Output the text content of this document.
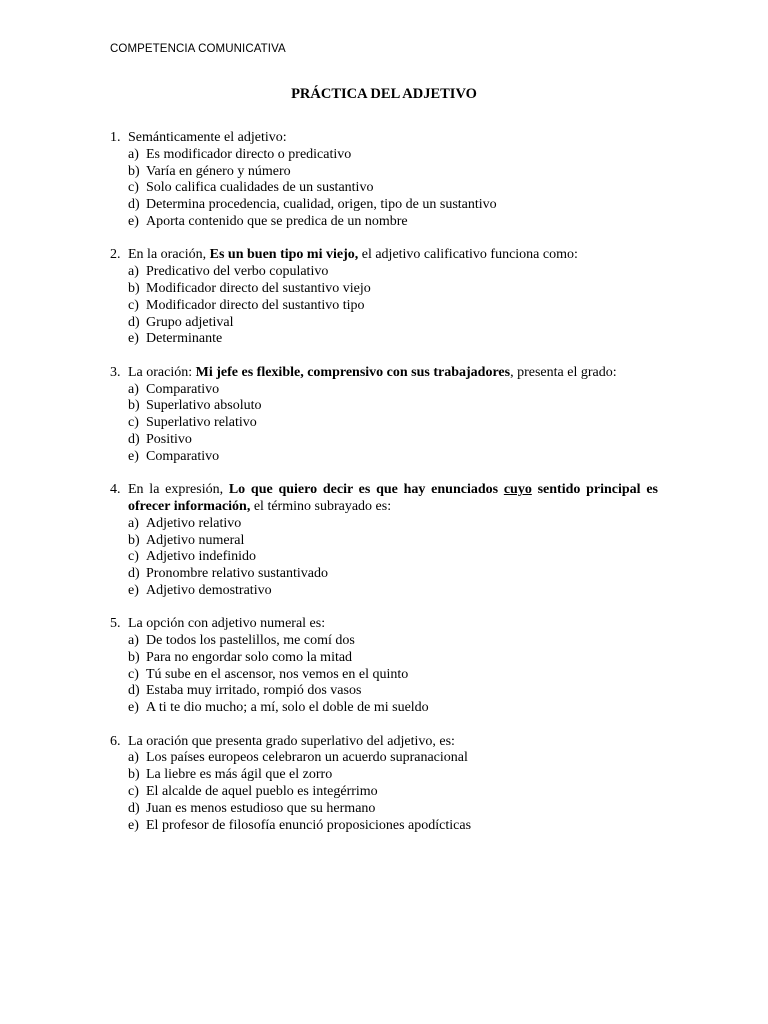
COMPETENCIA COMUNICATIVA
PRÁCTICA DEL ADJETIVO
1. Semánticamente el adjetivo:
a) Es modificador directo o predicativo
b) Varía en género y número
c) Solo califica cualidades de un sustantivo
d) Determina procedencia, cualidad, origen, tipo de un sustantivo
e) Aporta contenido que se predica de un nombre
2. En la oración, Es un buen tipo mi viejo, el adjetivo calificativo funciona como:
a) Predicativo del verbo copulativo
b) Modificador directo del sustantivo viejo
c) Modificador directo del sustantivo tipo
d) Grupo adjetival
e) Determinante
3. La oración: Mi jefe es flexible, comprensivo con sus trabajadores, presenta el grado:
a) Comparativo
b) Superlativo absoluto
c) Superlativo relativo
d) Positivo
e) Comparativo
4. En la expresión, Lo que quiero decir es que hay enunciados cuyo sentido principal es ofrecer información, el término subrayado es:
a) Adjetivo relativo
b) Adjetivo numeral
c) Adjetivo indefinido
d) Pronombre relativo sustantivado
e) Adjetivo demostrativo
5. La opción con adjetivo numeral es:
a) De todos los pastelillos, me comí dos
b) Para no engordar solo como la mitad
c) Tú sube en el ascensor, nos vemos en el quinto
d) Estaba muy irritado, rompió dos vasos
e) A ti te dio mucho; a mí, solo el doble de mi sueldo
6. La oración que presenta grado superlativo del adjetivo, es:
a) Los países europeos celebraron un acuerdo supranacional
b) La liebre es más ágil que el zorro
c) El alcalde de aquel pueblo es integérrimo
d) Juan es menos estudioso que su hermano
e) El profesor de filosofía enunció proposiciones apodícticas
